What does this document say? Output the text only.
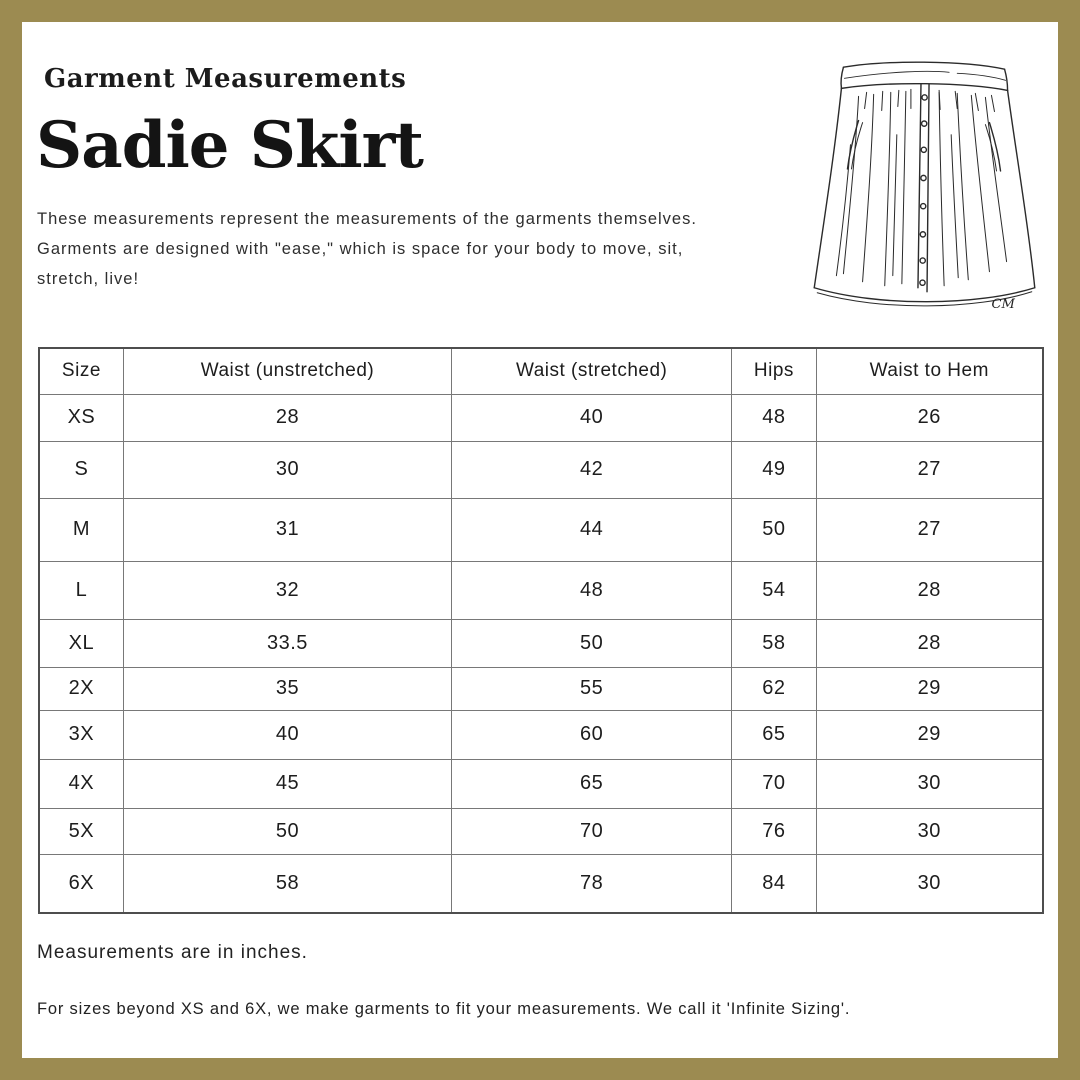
Garment Measurements
Sadie Skirt
These measurements represent the measurements of the garments themselves.
Garments are designed with "ease," which is space for your body to move, sit,
stretch, live!
CM
Size	Waist (unstretched)	Waist (stretched)	Hips	Waist to Hem
XS	28	40	48	26
S	30	42	49	27
M	31	44	50	27
L	32	48	54	28
XL	33.5	50	58	28
2X	35	55	62	29
3X	40	60	65	29
4X	45	65	70	30
5X	50	70	76	30
6X	58	78	84	30
Measurements are in inches.
For sizes beyond XS and 6X, we make garments to fit your measurements. We call it 'Infinite Sizing'.
